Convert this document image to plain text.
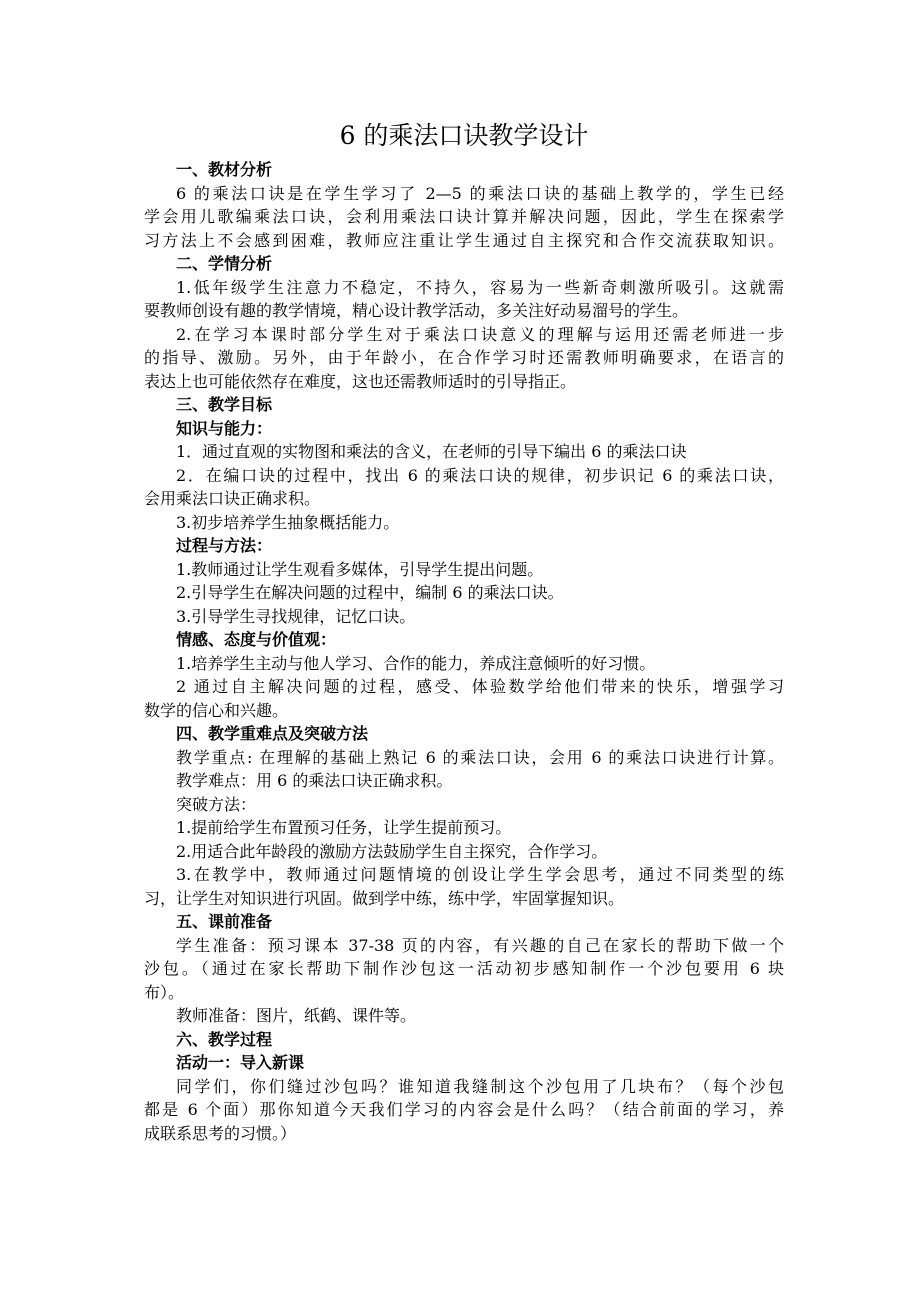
6 的乘法口诀教学设计

一、教材分析

6 的乘法口诀是在学生学习了 2—5 的乘法口诀的基础上教学的，学生已经

学会用儿歌编乘法口诀，会利用乘法口诀计算并解决问题，因此，学生在探索学

习方法上不会感到困难，教师应注重让学生通过自主探究和合作交流获取知识。

二、学情分析

1.低年级学生注意力不稳定，不持久，容易为一些新奇刺激所吸引。这就需

要教师创设有趣的教学情境，精心设计教学活动，多关注好动易溜号的学生。

2.在学习本课时部分学生对于乘法口诀意义的理解与运用还需老师进一步

的指导、激励。另外，由于年龄小，在合作学习时还需教师明确要求，在语言的

表达上也可能依然存在难度，这也还需教师适时的引导指正。

三、教学目标

知识与能力：

1．通过直观的实物图和乘法的含义，在老师的引导下编出 6 的乘法口诀

2．在编口诀的过程中，找出 6 的乘法口诀的规律，初步识记 6 的乘法口诀，

会用乘法口诀正确求积。

3.初步培养学生抽象概括能力。

过程与方法：

1.教师通过让学生观看多媒体，引导学生提出问题。

2.引导学生在解决问题的过程中，编制 6 的乘法口诀。

3.引导学生寻找规律，记忆口诀。

情感、态度与价值观：

1.培养学生主动与他人学习、合作的能力，养成注意倾听的好习惯。

2 通过自主解决问题的过程，感受、体验数学给他们带来的快乐，增强学习

数学的信心和兴趣。

四、教学重难点及突破方法

教学重点: 在理解的基础上熟记 6 的乘法口诀，会用 6 的乘法口诀进行计算。

教学难点：用 6 的乘法口诀正确求积。

突破方法：

1.提前给学生布置预习任务，让学生提前预习。

2.用适合此年龄段的激励方法鼓励学生自主探究，合作学习。

3.在教学中，教师通过问题情境的创设让学生学会思考，通过不同类型的练

习，让学生对知识进行巩固。做到学中练，练中学，牢固掌握知识。

五、课前准备

学生准备：预习课本 37-38 页的内容，有兴趣的自己在家长的帮助下做一个

沙包。（通过在家长帮助下制作沙包这一活动初步感知制作一个沙包要用 6 块

布）。

教师准备：图片，纸鹤、课件等。

六、教学过程

活动一：导入新课

同学们，你们缝过沙包吗？谁知道我缝制这个沙包用了几块布？（每个沙包

都是 6 个面）那你知道今天我们学习的内容会是什么吗？（结合前面的学习，养

成联系思考的习惯。）
